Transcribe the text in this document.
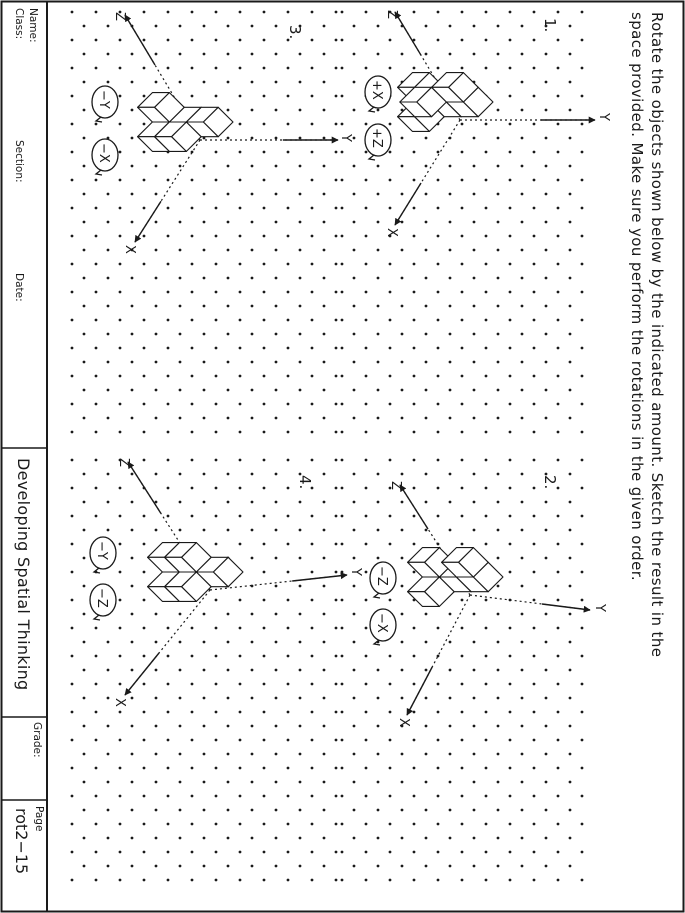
Rotate the objects shown below by the indicated amount. Sketch the result in the
space provided. Make sure you perform the rotations in the given order.
Name:
Class:
Section:
Date:
Developing Spatial Thinking
Grade:
Page
rot2−15
1.
Z
Y
X
+X
+Z
2.
Z
Y
X
−Z
−X
3.
Z
Y
X
−Y
−X
4.
Z
Y
X
−Y
−Z
